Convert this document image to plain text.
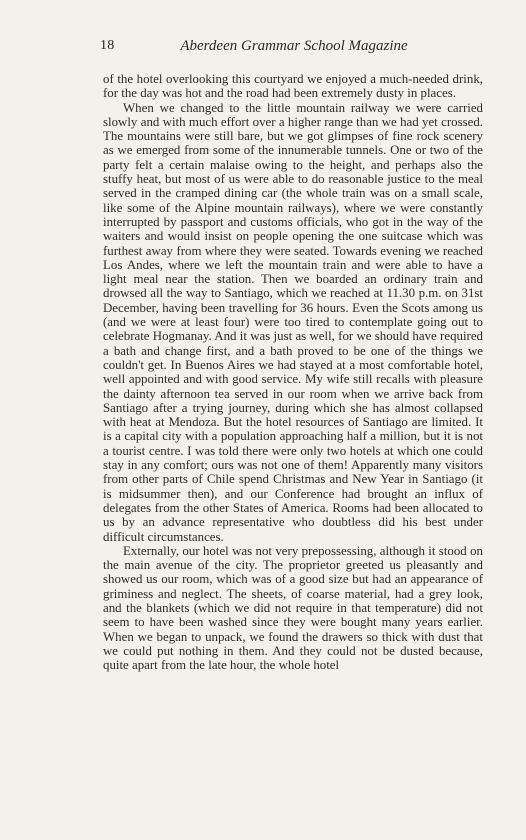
18	Aberdeen Grammar School Magazine

of the hotel overlooking this courtyard we enjoyed a much-needed drink, for the day was hot and the road had been extremely dusty in places.

When we changed to the little mountain railway we were carried slowly and with much effort over a higher range than we had yet crossed. The mountains were still bare, but we got glimpses of fine rock scenery as we emerged from some of the innumerable tunnels. One or two of the party felt a certain malaise owing to the height, and perhaps also the stuffy heat, but most of us were able to do reasonable justice to the meal served in the cramped dining car (the whole train was on a small scale, like some of the Alpine mountain railways), where we were constantly interrupted by passport and customs officials, who got in the way of the waiters and would insist on people opening the one suitcase which was furthest away from where they were seated. Towards evening we reached Los Andes, where we left the mountain train and were able to have a light meal near the station. Then we boarded an ordinary train and drowsed all the way to Santiago, which we reached at 11.30 p.m. on 31st December, having been travelling for 36 hours. Even the Scots among us (and we were at least four) were too tired to contemplate going out to celebrate Hogmanay. And it was just as well, for we should have required a bath and change first, and a bath proved to be one of the things we couldn't get. In Buenos Aires we had stayed at a most comfortable hotel, well appointed and with good service. My wife still recalls with pleasure the dainty afternoon tea served in our room when we arrive back from Santiago after a trying journey, during which she has almost collapsed with heat at Mendoza. But the hotel resources of Santiago are limited. It is a capital city with a population approaching half a million, but it is not a tourist centre. I was told there were only two hotels at which one could stay in any comfort; ours was not one of them! Apparently many visitors from other parts of Chile spend Christmas and New Year in Santiago (it is midsummer then), and our Conference had brought an influx of delegates from the other States of America. Rooms had been allocated to us by an advance representative who doubtless did his best under difficult circumstances.

Externally, our hotel was not very prepossessing, although it stood on the main avenue of the city. The proprietor greeted us pleasantly and showed us our room, which was of a good size but had an appearance of griminess and neglect. The sheets, of coarse material, had a grey look, and the blankets (which we did not require in that temperature) did not seem to have been washed since they were bought many years earlier. When we began to unpack, we found the drawers so thick with dust that we could put nothing in them. And they could not be dusted because, quite apart from the late hour, the whole hotel
